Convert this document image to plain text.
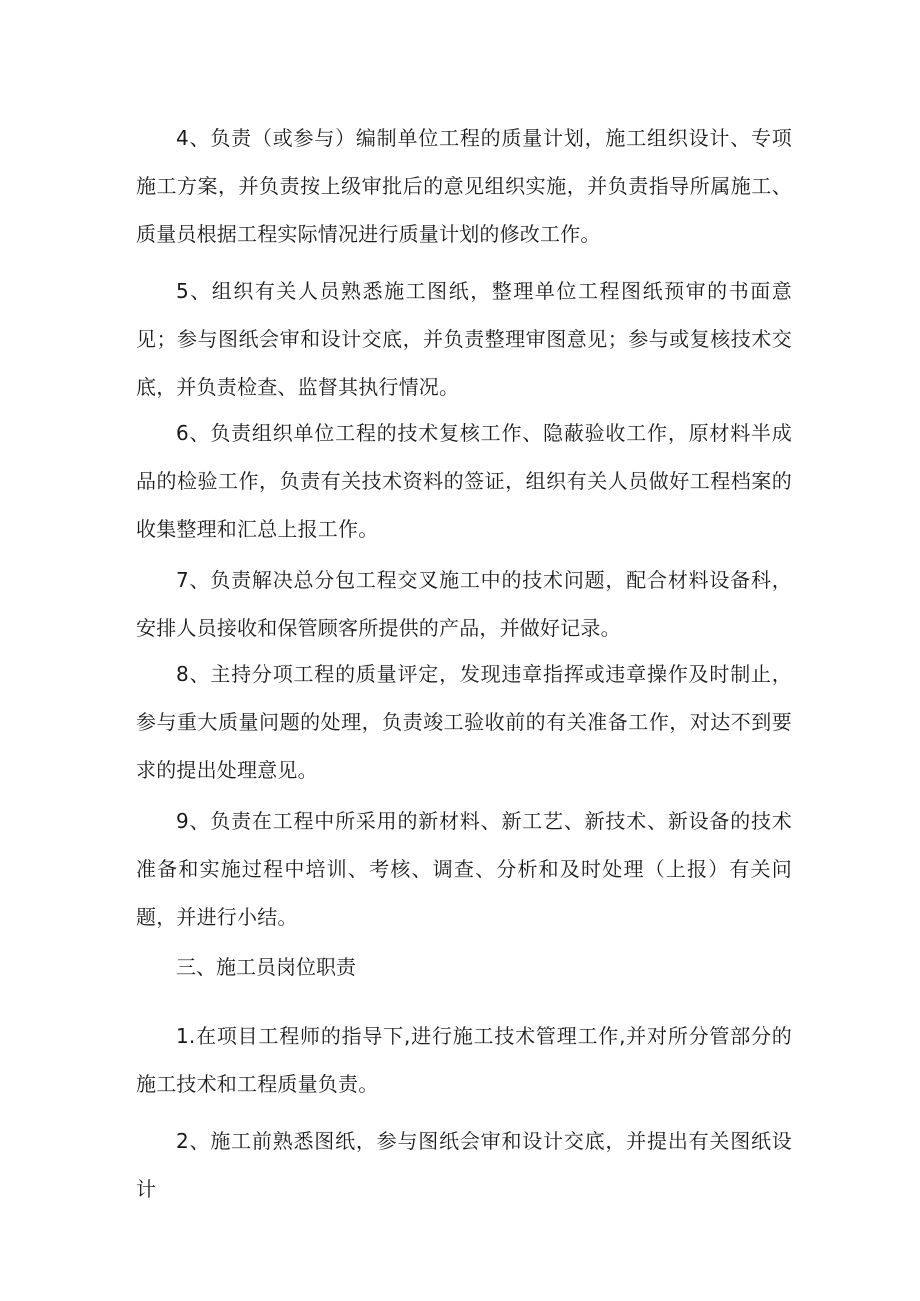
4、负责（或参与）编制单位工程的质量计划，施工组织设计、专项施工方案，并负责按上级审批后的意见组织实施，并负责指导所属施工、质量员根据工程实际情况进行质量计划的修改工作。

5、组织有关人员熟悉施工图纸，整理单位工程图纸预审的书面意见；参与图纸会审和设计交底，并负责整理审图意见；参与或复核技术交底，并负责检查、监督其执行情况。

6、负责组织单位工程的技术复核工作、隐蔽验收工作，原材料半成品的检验工作，负责有关技术资料的签证，组织有关人员做好工程档案的收集整理和汇总上报工作。

7、负责解决总分包工程交叉施工中的技术问题，配合材料设备科，安排人员接收和保管顾客所提供的产品，并做好记录。

8、主持分项工程的质量评定，发现违章指挥或违章操作及时制止，参与重大质量问题的处理，负责竣工验收前的有关准备工作，对达不到要求的提出处理意见。

9、负责在工程中所采用的新材料、新工艺、新技术、新设备的技术准备和实施过程中培训、考核、调查、分析和及时处理（上报）有关问题，并进行小结。

三、施工员岗位职责

1.在项目工程师的指导下,进行施工技术管理工作,并对所分管部分的施工技术和工程质量负责。

2、施工前熟悉图纸，参与图纸会审和设计交底，并提出有关图纸设计
